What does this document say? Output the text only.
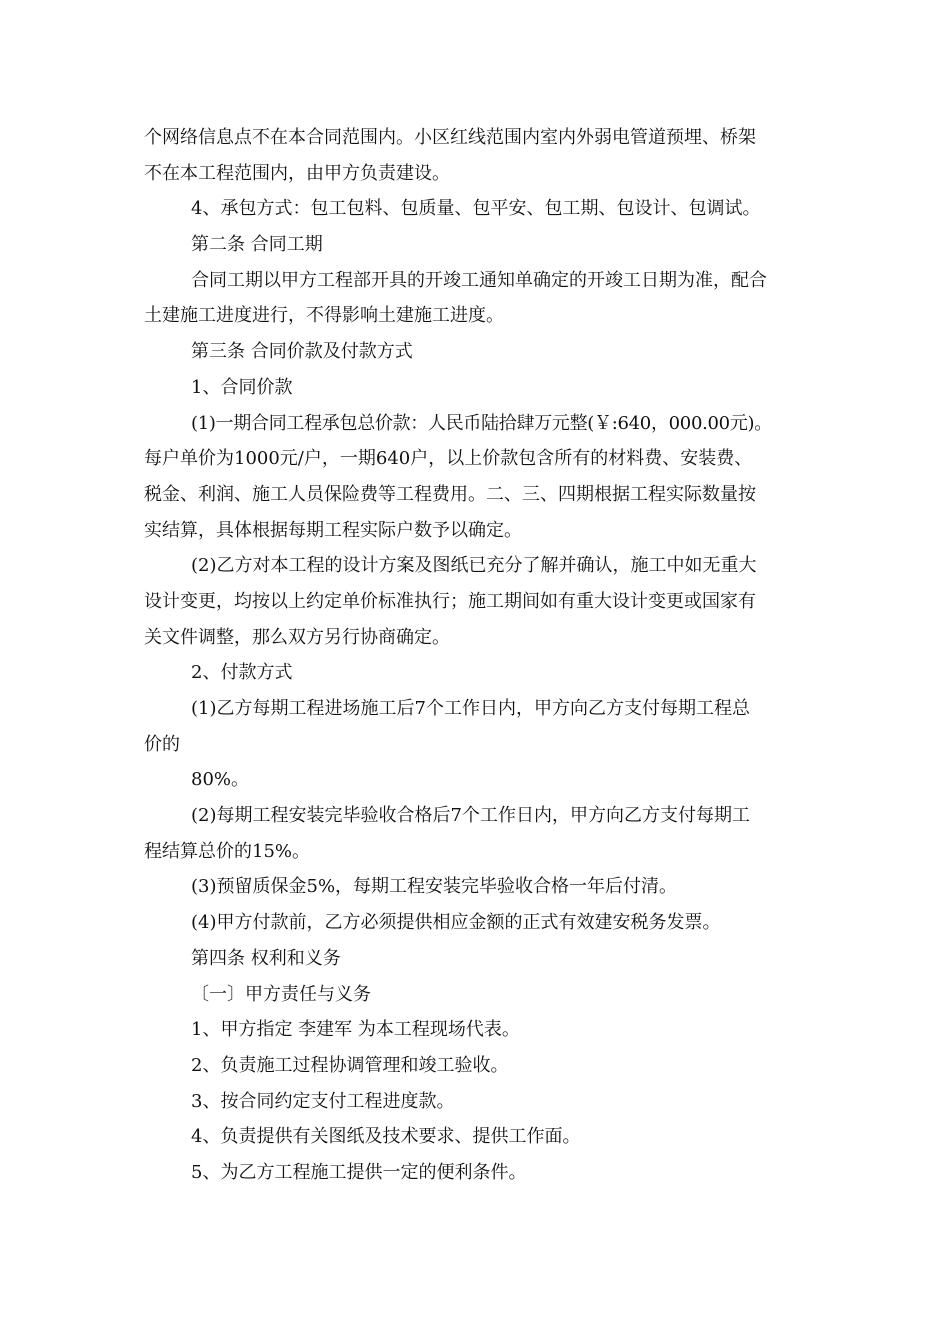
个网络信息点不在本合同范围内。小区红线范围内室内外弱电管道预埋、桥架
不在本工程范围内，由甲方负责建设。
4、承包方式：包工包料、包质量、包平安、包工期、包设计、包调试。
第二条 合同工期
合同工期以甲方工程部开具的开竣工通知单确定的开竣工日期为准，配合
土建施工进度进行，不得影响土建施工进度。
第三条 合同价款及付款方式
1、合同价款
(1)一期合同工程承包总价款：人民币陆拾肆万元整(￥:640，000.00元)。
每户单价为1000元/户，一期640户，以上价款包含所有的材料费、安装费、
税金、利润、施工人员保险费等工程费用。二、三、四期根据工程实际数量按
实结算，具体根据每期工程实际户数予以确定。
(2)乙方对本工程的设计方案及图纸已充分了解并确认，施工中如无重大
设计变更，均按以上约定单价标准执行；施工期间如有重大设计变更或国家有
关文件调整，那么双方另行协商确定。
2、付款方式
(1)乙方每期工程进场施工后7个工作日内，甲方向乙方支付每期工程总
价的
80%。
(2)每期工程安装完毕验收合格后7个工作日内，甲方向乙方支付每期工
程结算总价的15%。
(3)预留质保金5%，每期工程安装完毕验收合格一年后付清。
(4)甲方付款前，乙方必须提供相应金额的正式有效建安税务发票。
第四条 权利和义务
〔一〕甲方责任与义务
1、甲方指定 李建军 为本工程现场代表。
2、负责施工过程协调管理和竣工验收。
3、按合同约定支付工程进度款。
4、负责提供有关图纸及技术要求、提供工作面。
5、为乙方工程施工提供一定的便利条件。
